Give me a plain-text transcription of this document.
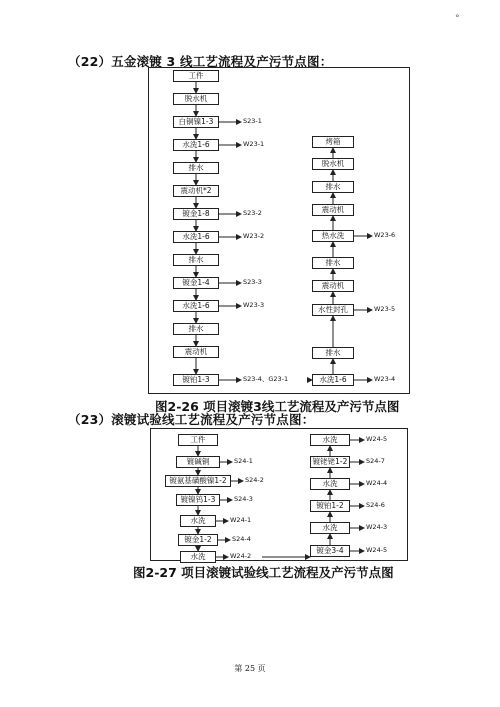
°
（22）五金滚镀 3 线工艺流程及产污节点图：
图2-26 项目滚镀3线工艺流程及产污节点图
（23）滚镀试验线工艺流程及产污节点图：
图2-27 项目滚镀试验线工艺流程及产污节点图
工件
脱水机
白铜镍1-3	S23-1
水洗1-6	W23-1
排水
震动机*2
镀金1-8	S23-2
水洗1-6	W23-2
排水
镀金1-4	S23-3
水洗1-6	W23-3
排水
震动机
镀铂1-3	S23-4、G23-1
烤箱
脱水机
排水
震动机
热水洗	W23-6
排水
震动机
水性封孔	W23-5
排水
水洗1-6	W23-4
工件
镀碱铜	S24-1
镀氨基磺酸镍1-2	S24-2
镀镍钨1-3	S24-3
水洗	W24-1
镀金1-2	S24-4
水洗	W24-2
水洗	W24-5
镀铑铑1-2	S24-7
水洗	W24-4
镀铂1-2	S24-6
水洗	W24-3
镀金3-4	W24-5
第 25 页
